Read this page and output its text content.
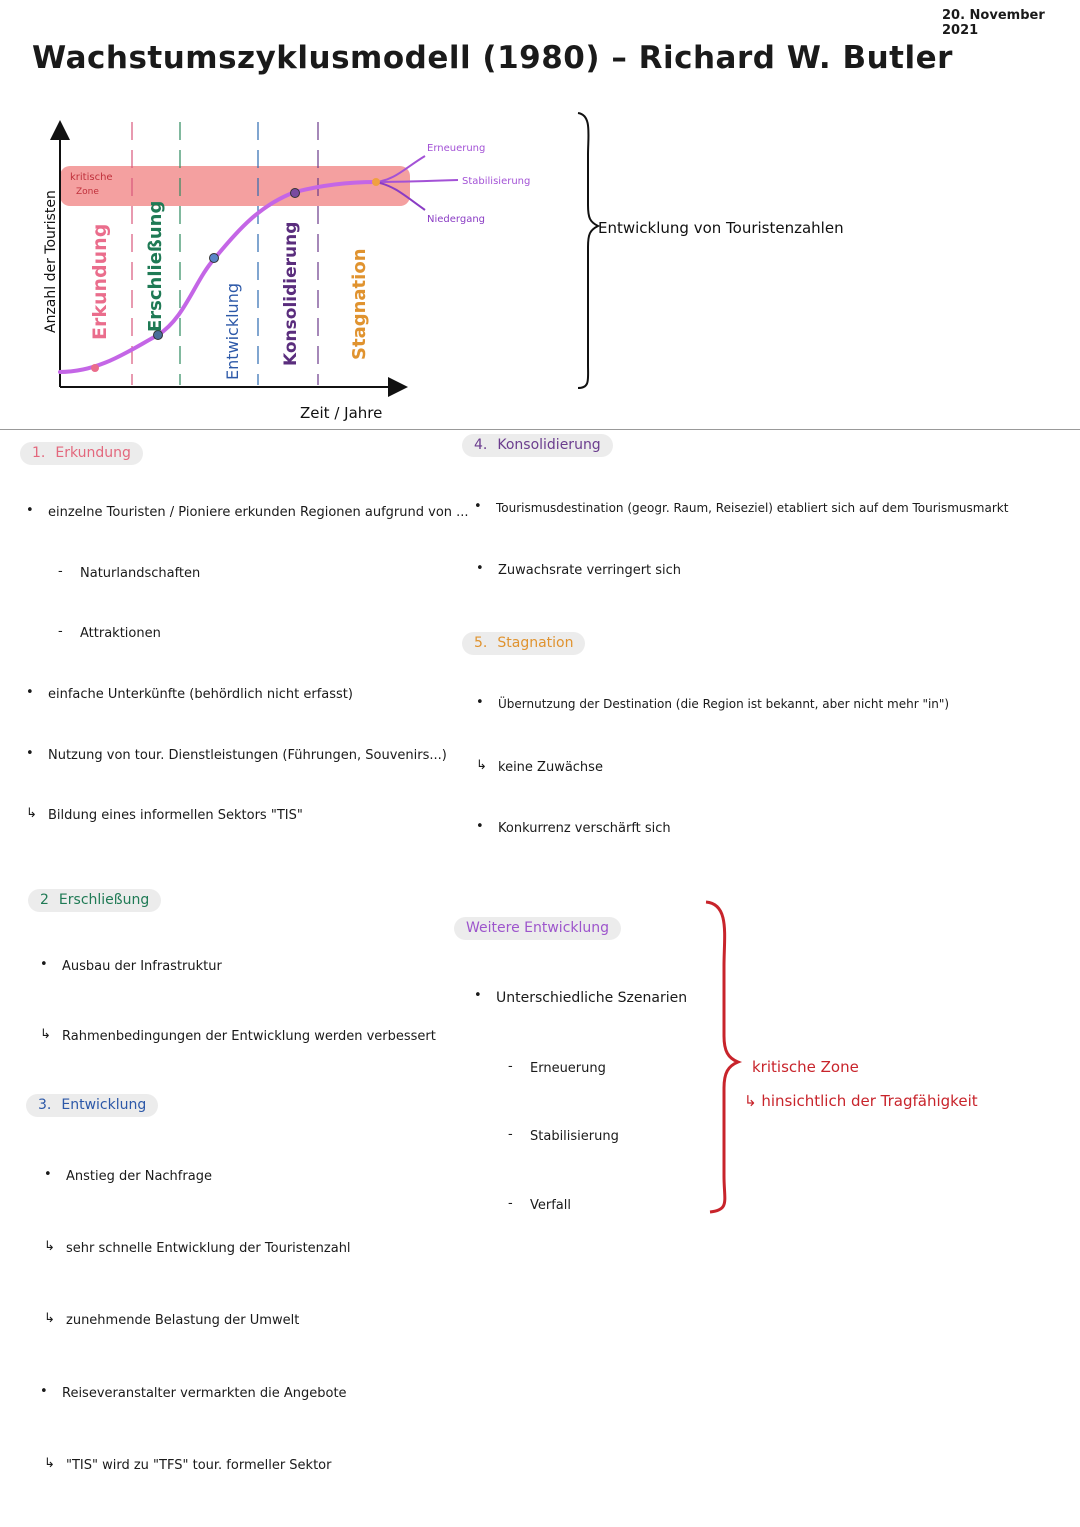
20. November 2021
Wachstumszyklusmodell (1980) – Richard W. Butler
Anzahl der Touristen
Zeit / Jahre
kritische
Zone
Erneuerung
Stabilisierung
Niedergang
Erkundung Erschließung	Entwicklung Konsolidierung	Stagnation
Entwicklung von Touristenzahlen
1. Erkundung
• einzelne Touristen / Pioniere erkunden Regionen aufgrund von ...
- Naturlandschaften
- Attraktionen
• einfache Unterkünfte (behördlich nicht erfasst)
• Nutzung von tour. Dienstleistungen (Führungen, Souvenirs...)
↳ Bildung eines informellen Sektors "TIS"
2 Erschließung
• Ausbau der Infrastruktur
↳ Rahmenbedingungen der Entwicklung werden verbessert
3. Entwicklung
• Anstieg der Nachfrage
↳ sehr schnelle Entwicklung der Touristenzahl
↳ zunehmende Belastung der Umwelt
• Reiseveranstalter vermarkten die Angebote
↳ "TIS" wird zu "TFS" tour. formeller Sektor
4. Konsolidierung
• Tourismusdestination (geogr. Raum, Reiseziel) etabliert sich auf dem Tourismusmarkt
• Zuwachsrate verringert sich
5. Stagnation
• Übernutzung der Destination (die Region ist bekannt, aber nicht mehr "in")
↳ keine Zuwächse
• Konkurrenz verschärft sich
Weitere Entwicklung
• Unterschiedliche Szenarien
- Erneuerung
- Stabilisierung
- Verfall
kritische Zone
↳ hinsichtlich der Tragfähigkeit
